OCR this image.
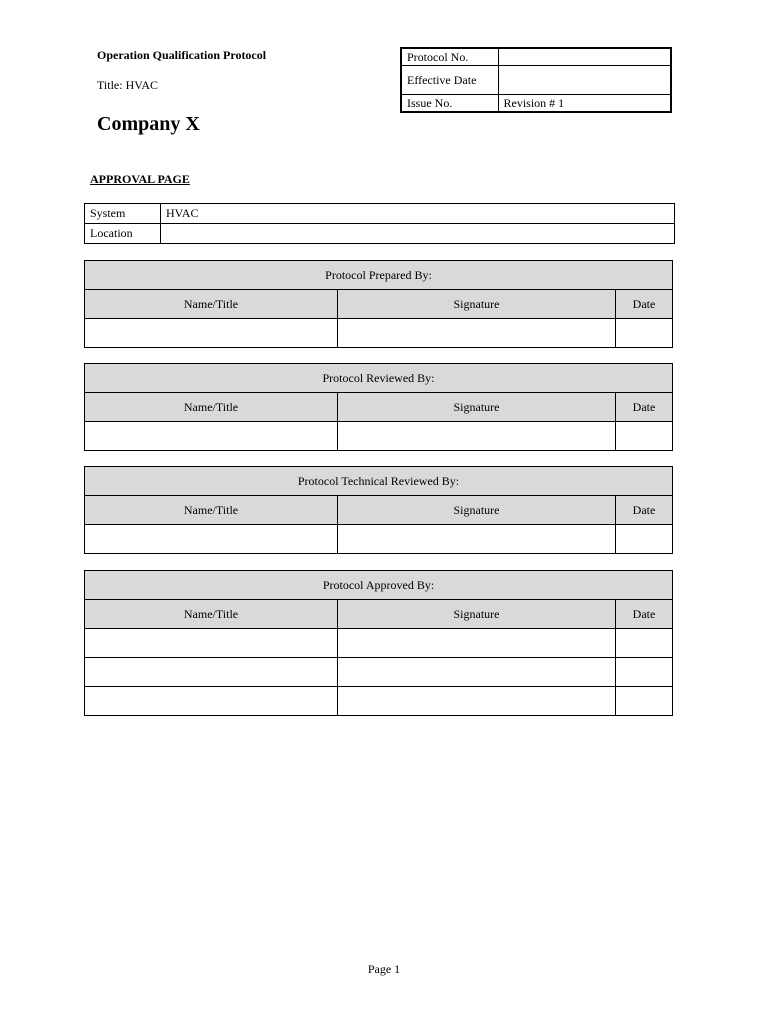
Operation Qualification Protocol
Title: HVAC
Company X
Protocol No.	
Effective Date	
Issue No.	Revision # 1
APPROVAL PAGE
System	HVAC
Location	
Protocol Prepared By:		
Name/Title	Signature	Date

Protocol Reviewed By:		
Name/Title	Signature	Date

Protocol Technical Reviewed By:		
Name/Title	Signature	Date

Protocol Approved By:		
Name/Title	Signature	Date

Page 1
